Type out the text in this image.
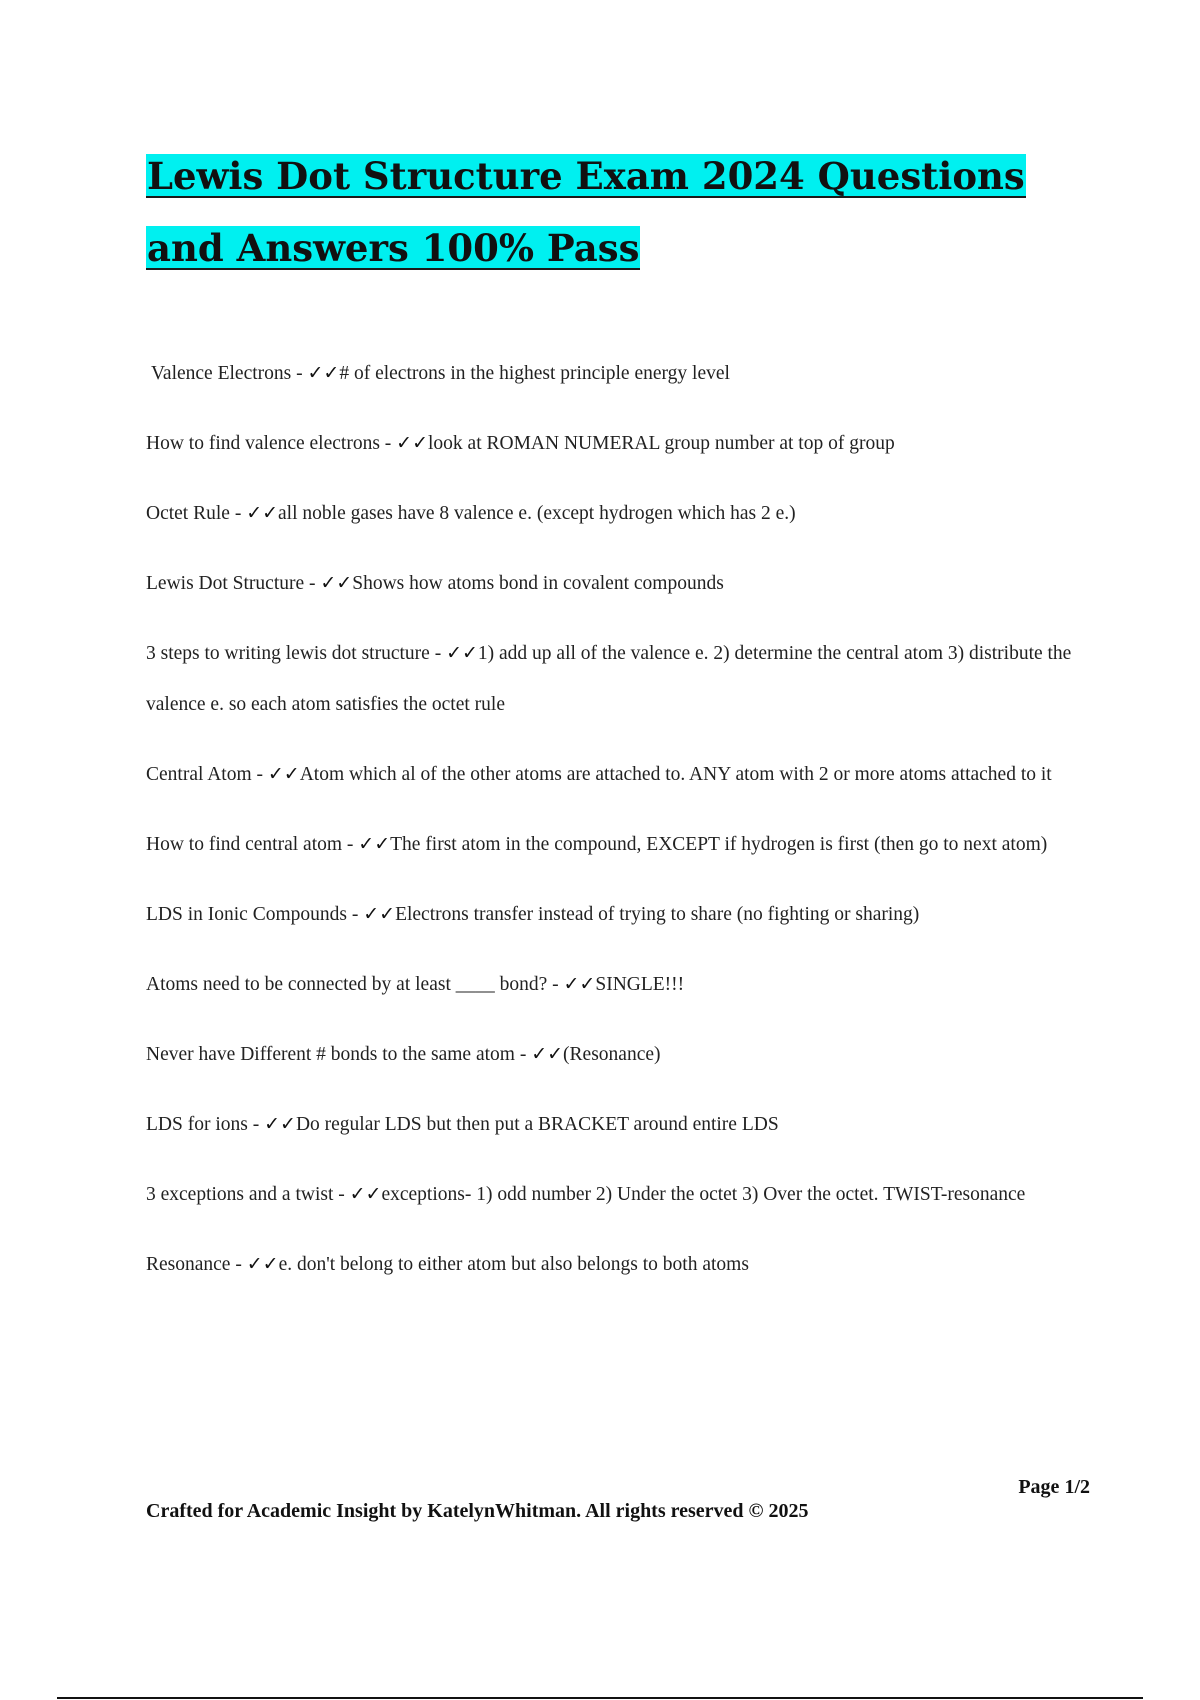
Lewis Dot Structure Exam 2024 Questions and Answers 100% Pass
Valence Electrons - ✓✓# of electrons in the highest principle energy level
How to find valence electrons - ✓✓look at ROMAN NUMERAL group number at top of group
Octet Rule - ✓✓all noble gases have 8 valence e. (except hydrogen which has 2 e.)
Lewis Dot Structure - ✓✓Shows how atoms bond in covalent compounds
3 steps to writing lewis dot structure - ✓✓1) add up all of the valence e. 2) determine the central atom 3) distribute the valence e. so each atom satisfies the octet rule
Central Atom - ✓✓Atom which al of the other atoms are attached to. ANY atom with 2 or more atoms attached to it
How to find central atom - ✓✓The first atom in the compound, EXCEPT if hydrogen is first (then go to next atom)
LDS in Ionic Compounds - ✓✓Electrons transfer instead of trying to share (no fighting or sharing)
Atoms need to be connected by at least ____ bond? - ✓✓SINGLE!!!
Never have Different # bonds to the same atom - ✓✓(Resonance)
LDS for ions - ✓✓Do regular LDS but then put a BRACKET around entire LDS
3 exceptions and a twist - ✓✓exceptions- 1) odd number 2) Under the octet 3) Over the octet. TWIST-resonance
Resonance - ✓✓e. don't belong to either atom but also belongs to both atoms
Page 1/2
Crafted for Academic Insight by KatelynWhitman. All rights reserved © 2025
